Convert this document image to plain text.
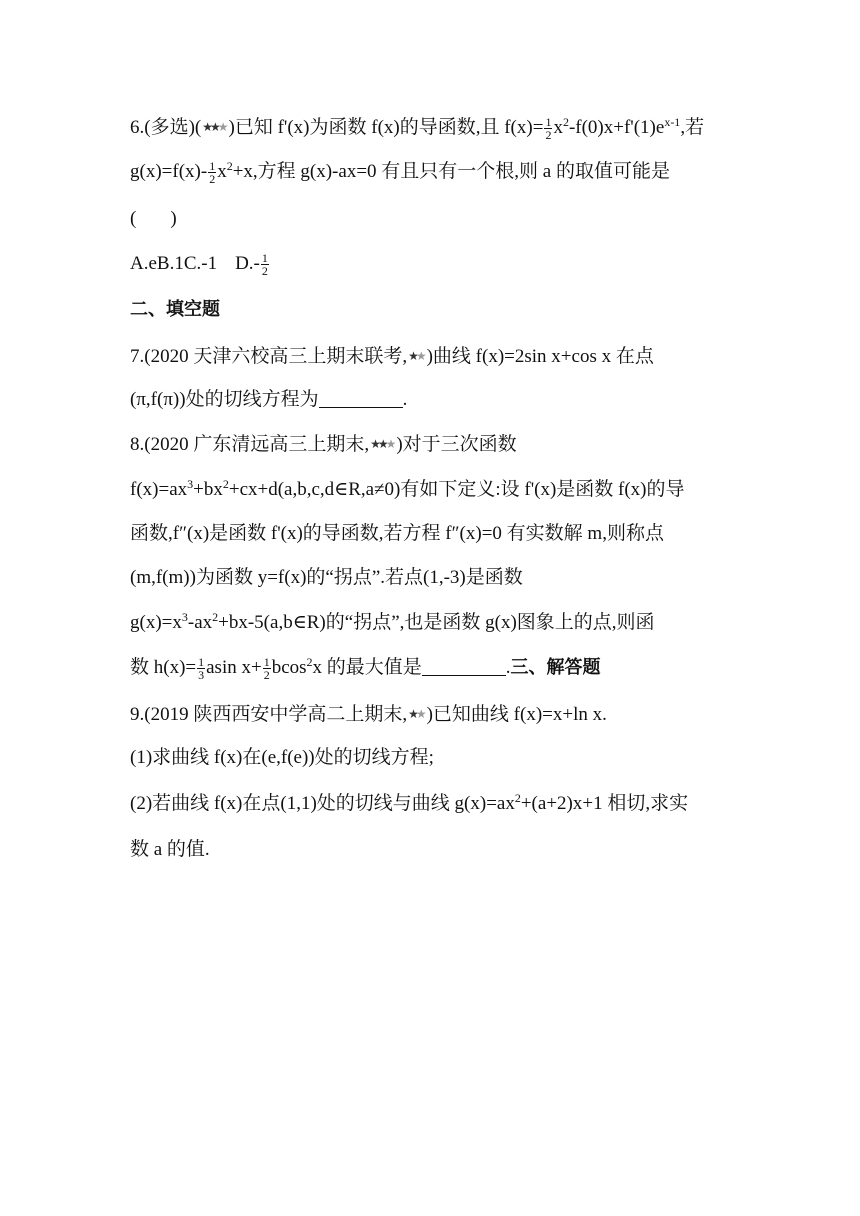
6.(多选)(★★★ )已知 f'(x)为函数 f(x)的导函数,且 $f(x)= \frac{1}{2} x^2-f(0)x+f'(1)e^{x-1}$,若
$g(x)=f(x)- \frac{1}{2} x^2+x$,方程 g(x)-ax=0 有且只有一个根,则 a 的取值可能是
( )
A.eB.1C.-1 $D.- \frac{1}{2}$
二、填空题
7.(2020 天津六校高三上期末联考,★★ )曲线 f(x)=2sin x+cos x 在点
(π,f(π))处的切线方程为	.
8.(2020 广东清远高三上期末,★★★ )对于三次函数
$f(x)=ax^3+bx^2+cx+d(a,b,c,d\in R,a\ne 0)$有如下定义:设 f'(x)是函数 f(x)的导
函数,f″(x)是函数 f'(x)的导函数,若方程 f″(x)=0 有实数解 m,则称点
(m,f(m))为函数 y=f(x)的“拐点”.若点(1,-3)是函数
$g(x)=x^3-ax^2+bx-5(a,b\in R)$的“拐点”,也是函数 g(x)图象上的点,则函
数 $h(x)= \frac{1}{3}$ asin $x+ \frac{1}{2} bcos^2x$ 的最大值是	.三、解答题
9.(2019 陕西西安中学高二上期末,★★ )已知曲线 f(x)=x+ln x.
(1)求曲线 f(x)在(e,f(e))处的切线方程;
(2)若曲线 f(x)在点(1,1)处的切线与曲线 $g(x)=ax^2+(a+2)x+1$ 相切,求实
数 a 的值.
